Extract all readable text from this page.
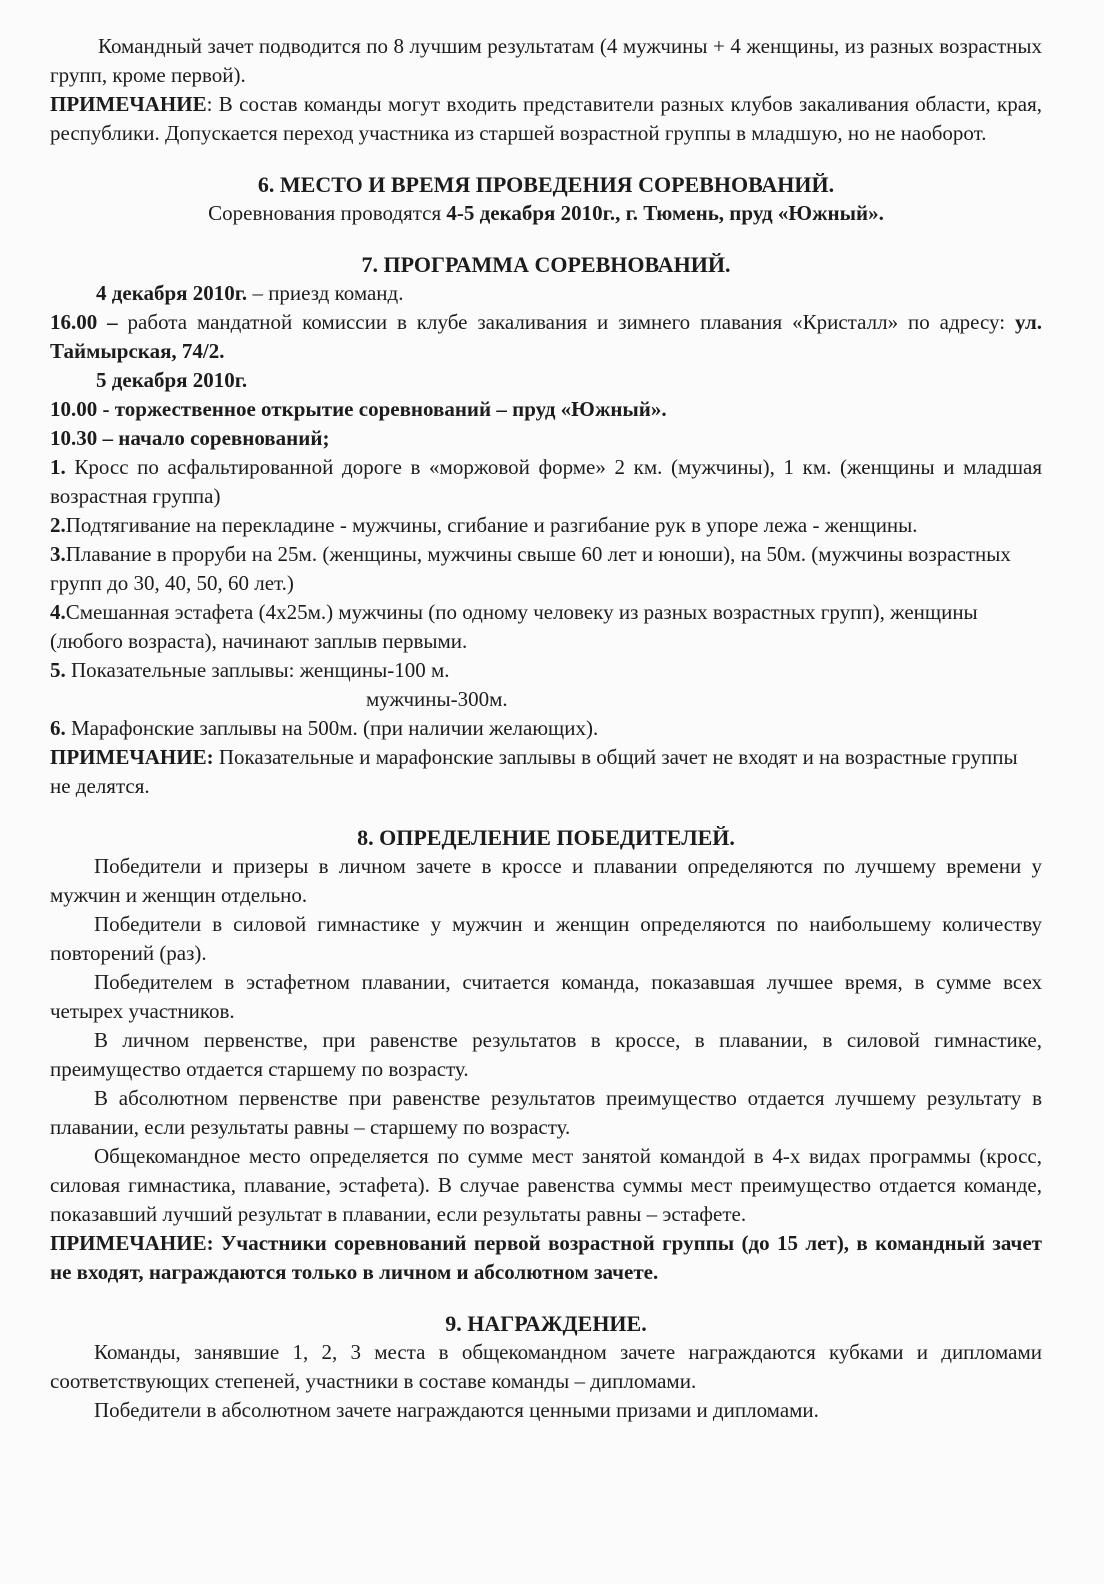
Командный зачет подводится по 8 лучшим результатам (4 мужчины + 4 женщины, из разных возрастных групп, кроме первой).

ПРИМЕЧАНИЕ: В состав команды могут входить представители разных клубов закаливания области, края, республики. Допускается переход участника из старшей возрастной группы в младшую, но не наоборот.

6. МЕСТО И ВРЕМЯ ПРОВЕДЕНИЯ СОРЕВНОВАНИЙ.

Соревнования проводятся 4-5 декабря 2010г., г. Тюмень, пруд «Южный».

7. ПРОГРАММА СОРЕВНОВАНИЙ.

4 декабря 2010г. – приезд команд.

16.00 – работа мандатной комиссии в клубе закаливания и зимнего плавания «Кристалл» по адресу: ул. Таймырская, 74/2.

5 декабря 2010г.

10.00 - торжественное открытие соревнований – пруд «Южный».

10.30 – начало соревнований;

1. Кросс по асфальтированной дороге в «моржовой форме» 2 км. (мужчины), 1 км. (женщины и младшая возрастная группа)

2.Подтягивание на перекладине - мужчины, сгибание и разгибание рук в упоре лежа - женщины.

3.Плавание в проруби на 25м. (женщины, мужчины свыше 60 лет и юноши), на 50м. (мужчины возрастных групп до 30, 40, 50, 60 лет.)

4.Смешанная эстафета (4х25м.) мужчины (по одному человеку из разных возрастных групп), женщины (любого возраста), начинают заплыв первыми.

5. Показательные заплывы: женщины-100 м.

мужчины-300м.

6. Марафонские заплывы на 500м. (при наличии желающих).

ПРИМЕЧАНИЕ: Показательные и марафонские заплывы в общий зачет не входят и на возрастные группы не делятся.

8. ОПРЕДЕЛЕНИЕ ПОБЕДИТЕЛЕЙ.

Победители и призеры в личном зачете в кроссе и плавании определяются по лучшему времени у мужчин и женщин отдельно.

Победители в силовой гимнастике у мужчин и женщин определяются по наибольшему количеству повторений (раз).

Победителем в эстафетном плавании, считается команда, показавшая лучшее время, в сумме всех четырех участников.

В личном первенстве, при равенстве результатов в кроссе, в плавании, в силовой гимнастике, преимущество отдается старшему по возрасту.

В абсолютном первенстве при равенстве результатов преимущество отдается лучшему результату в плавании, если результаты равны – старшему по возрасту.

Общекомандное место определяется по сумме мест занятой командой в 4-х видах программы (кросс, силовая гимнастика, плавание, эстафета). В случае равенства суммы мест преимущество отдается команде, показавший лучший результат в плавании, если результаты равны – эстафете.

ПРИМЕЧАНИЕ: Участники соревнований первой возрастной группы (до 15 лет), в командный зачет не входят, награждаются только в личном и абсолютном зачете.

9. НАГРАЖДЕНИЕ.

Команды, занявшие 1, 2, 3 места в общекомандном зачете награждаются кубками и дипломами соответствующих степеней, участники в составе команды – дипломами.

Победители в абсолютном зачете награждаются ценными призами и дипломами.
